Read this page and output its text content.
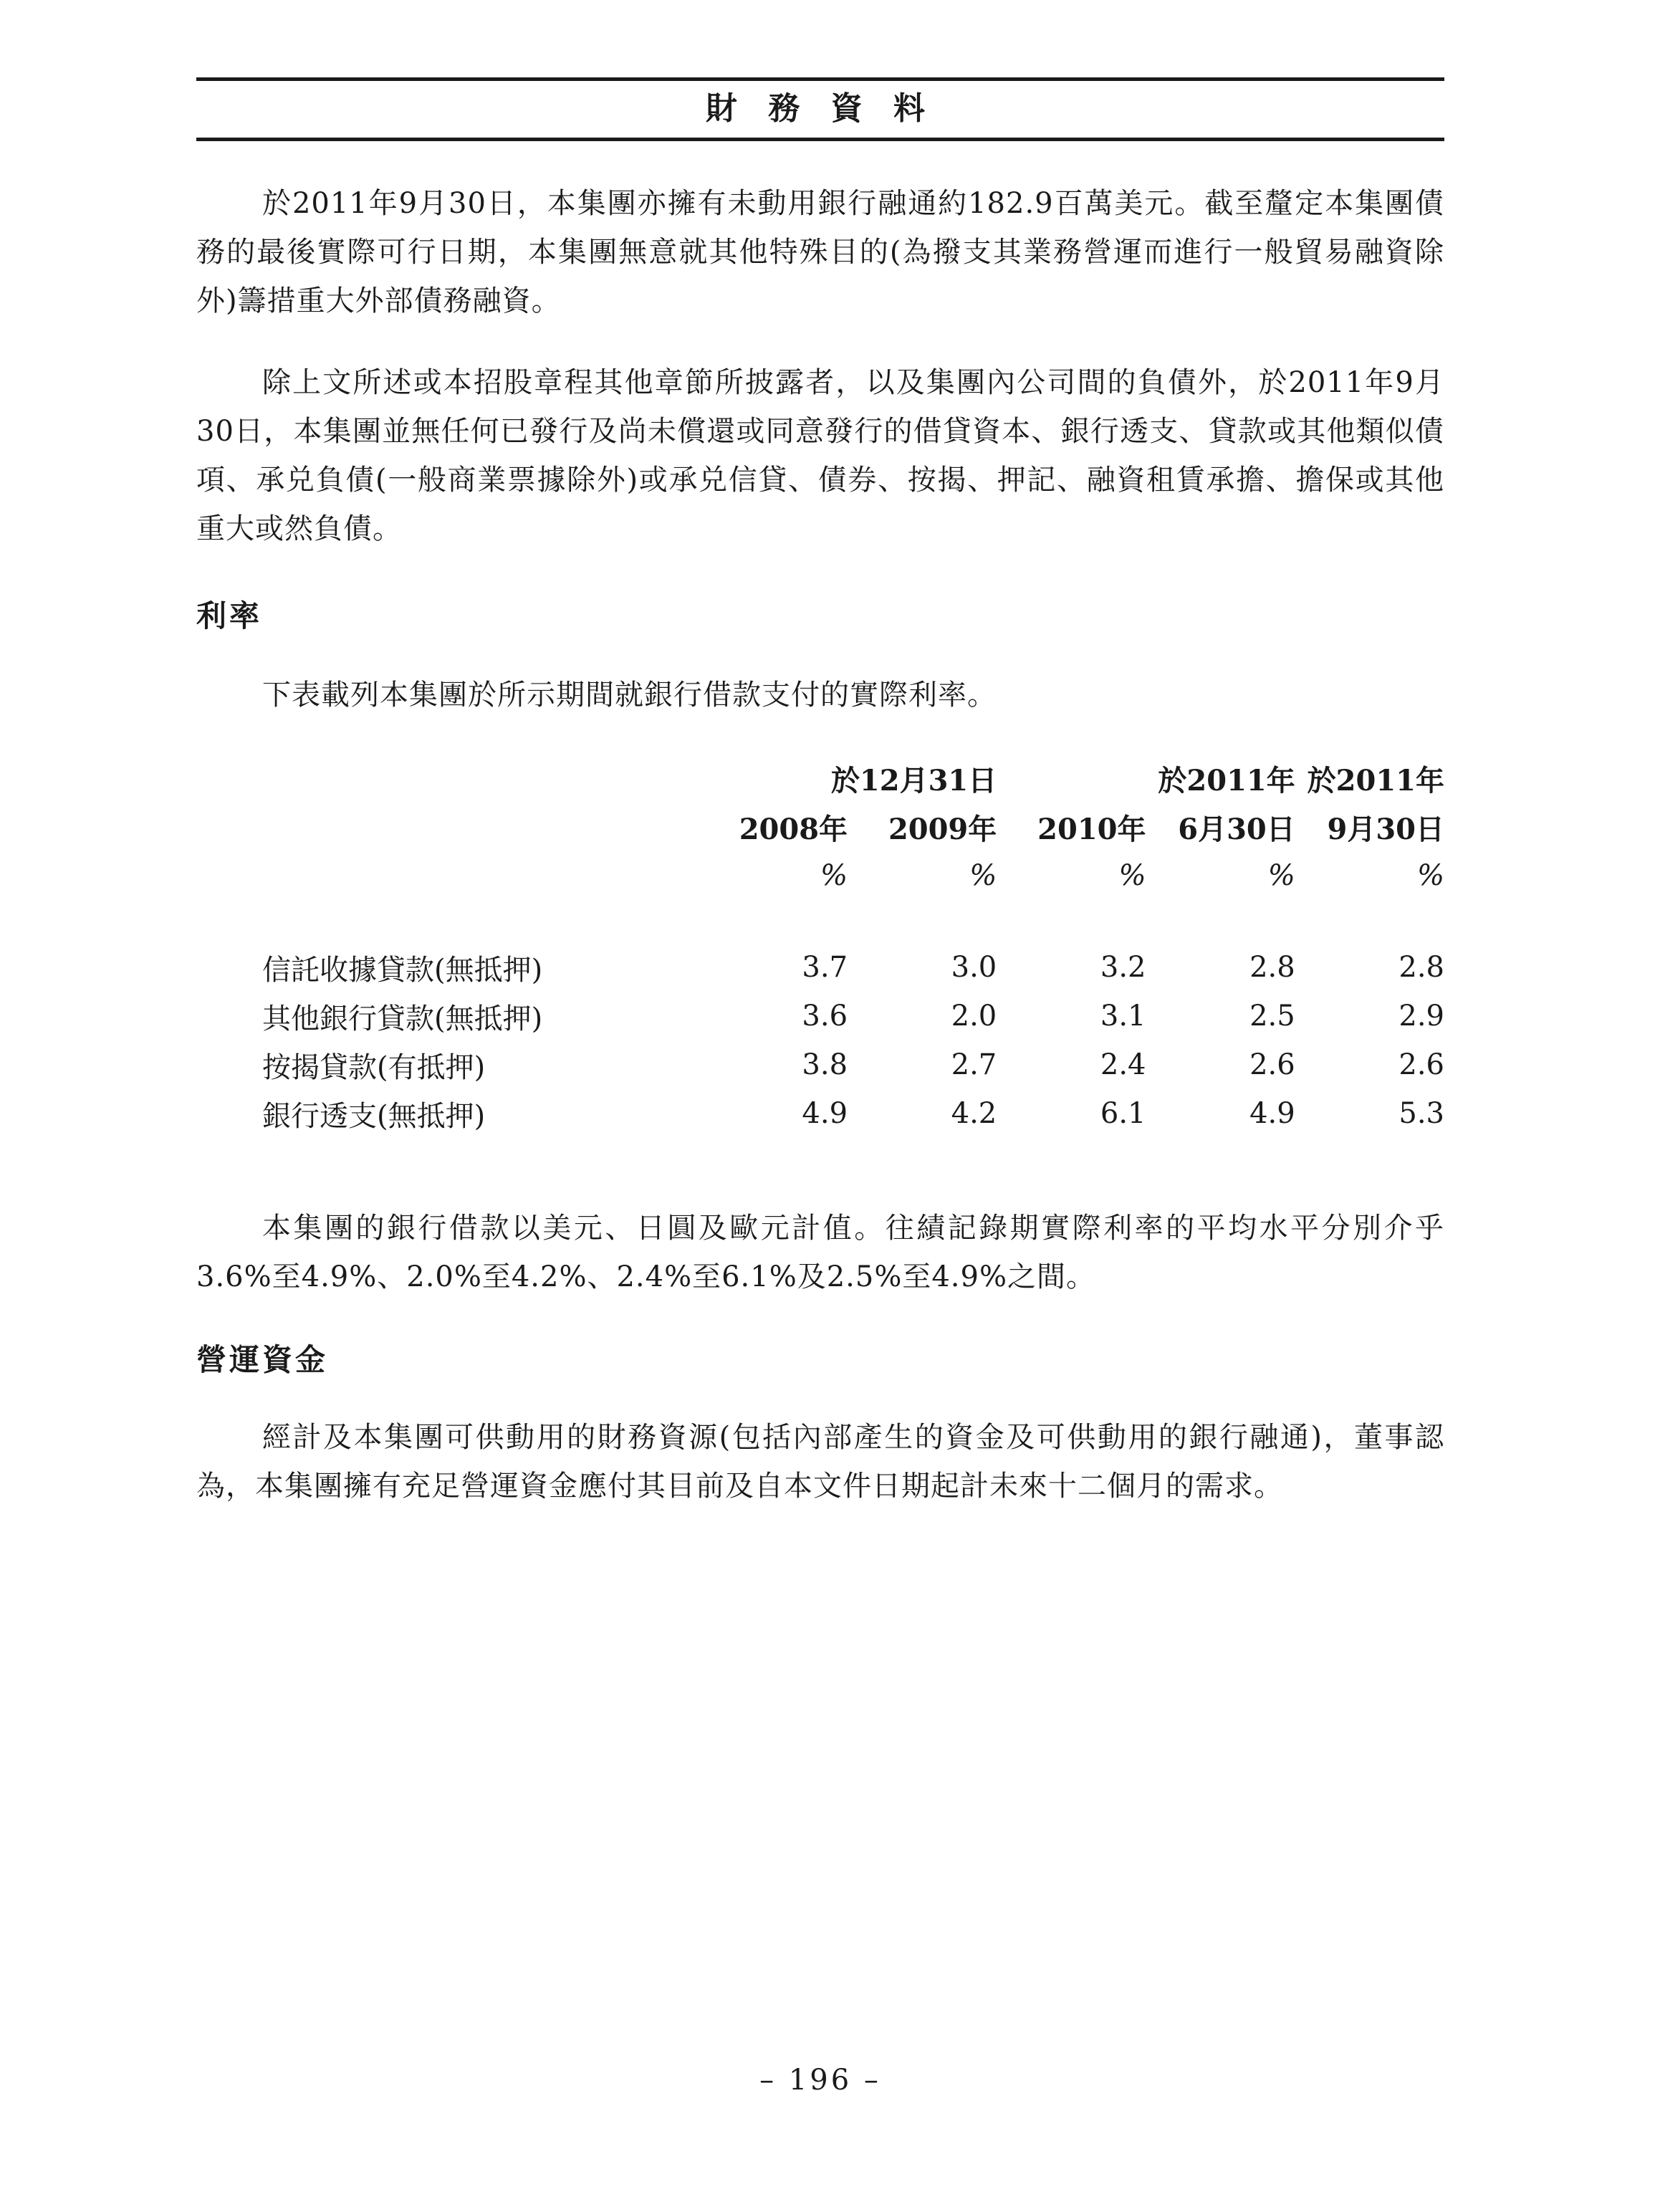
財 務 資 料

於2011年9月30日，本集團亦擁有未動用銀行融通約182.9百萬美元。截至釐定本集團債務的最後實際可行日期，本集團無意就其他特殊目的(為撥支其業務營運而進行一般貿易融資除外)籌措重大外部債務融資。

除上文所述或本招股章程其他章節所披露者，以及集團內公司間的負債外，於2011年9月30日，本集團並無任何已發行及尚未償還或同意發行的借貸資本、銀行透支、貸款或其他類似債項、承兑負債(一般商業票據除外)或承兑信貸、債券、按揭、押記、融資租賃承擔、擔保或其他重大或然負債。

利率

下表載列本集團於所示期間就銀行借款支付的實際利率。

	於12月31日			於2011年	於2011年
	2008年	2009年	2010年	6月30日	9月30日
	%	%	%	%	%

信託收據貸款(無抵押)	3.7	3.0	3.2	2.8	2.8
其他銀行貸款(無抵押)	3.6	2.0	3.1	2.5	2.9
按揭貸款(有抵押)	3.8	2.7	2.4	2.6	2.6
銀行透支(無抵押)	4.9	4.2	6.1	4.9	5.3

本集團的銀行借款以美元、日圓及歐元計值。往績記錄期實際利率的平均水平分別介乎3.6%至4.9%、2.0%至4.2%、2.4%至6.1%及2.5%至4.9%之間。

營運資金

經計及本集團可供動用的財務資源(包括內部產生的資金及可供動用的銀行融通)，董事認為，本集團擁有充足營運資金應付其目前及自本文件日期起計未來十二個月的需求。

– 196 –
